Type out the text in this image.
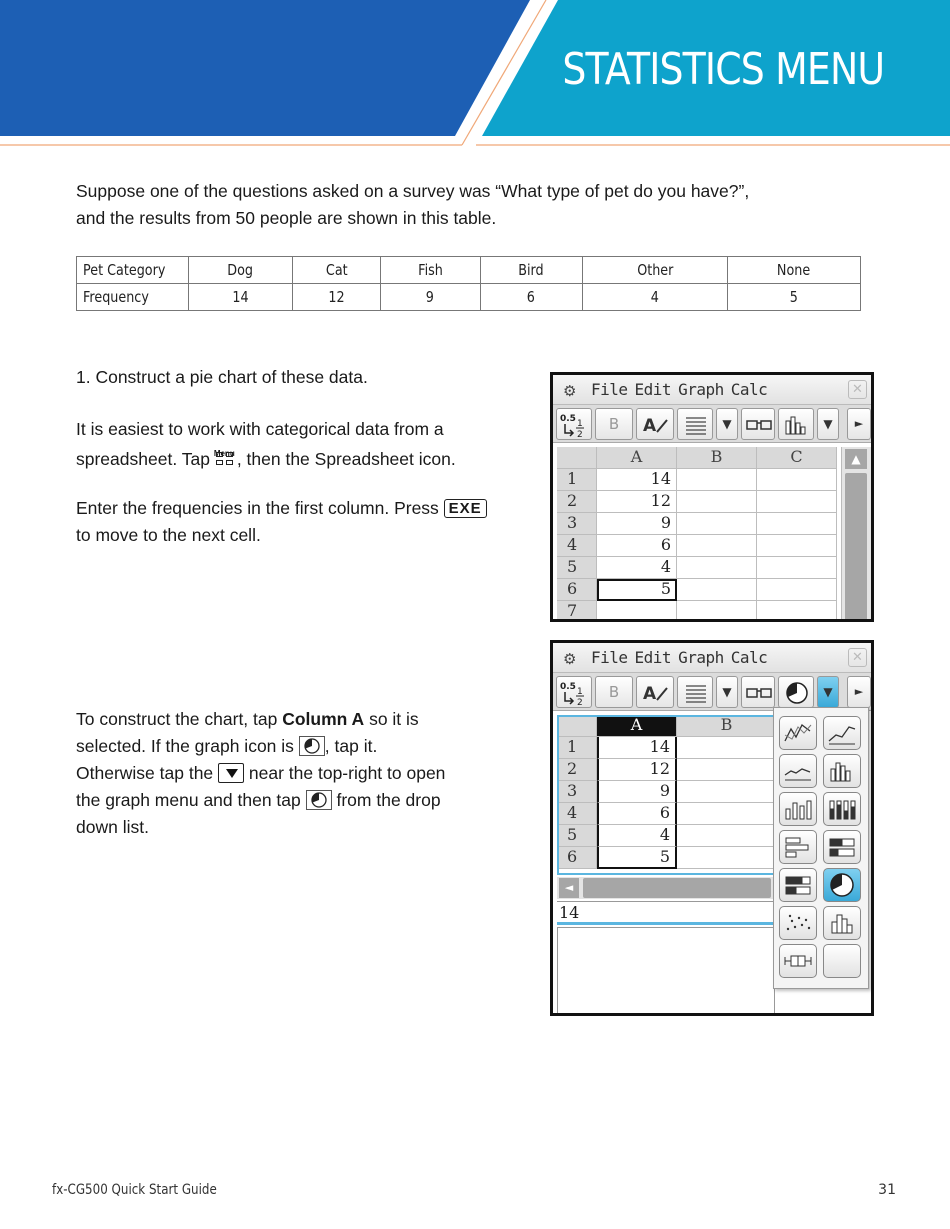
STATISTICS MENU
Suppose one of the questions asked on a survey was “What type of pet do you have?”,
and the results from 50 people are shown in this table.
Pet Category	Dog	Cat	Fish	Bird	Other	None
Frequency	14	12	9	6	4	5
1. Construct a pie chart of these data.
It is easiest to work with categorical data from a
spreadsheet. Tap Menu , then the Spreadsheet icon.
Enter the frequencies in the first column. Press EXE
to move to the next cell.
To construct the chart, tap Column A so it is
selected. If the graph icon is
, tap it.
Otherwise tap the  near the top-right to open
the graph menu and then tap
from the drop
down list.
⚙ File Edit Graph Calc	✕
0.5 1
2
B	A	▼	▼	►
A	B	C
1	14
2	12
3	9
4	6
5	4
6	5
7
▲
⚙ File Edit Graph Calc	✕
0.5 1
2
B	A	▼	▼	►
A	B
1	14
2	12
3	9
4	6
5	4
6	5
◄
14
fx-CG500 Quick Start Guide	31
